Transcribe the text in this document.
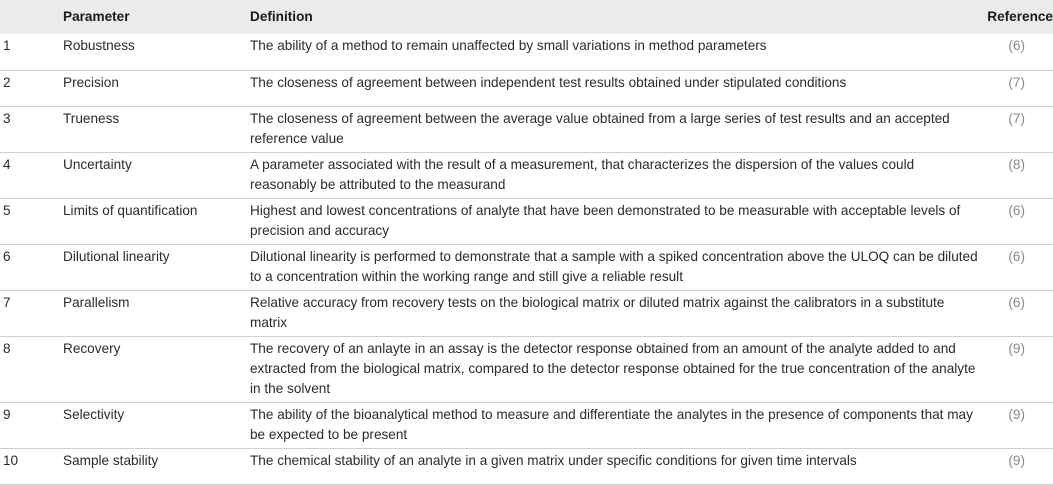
	Parameter	Definition	Reference
1	Robustness	The ability of a method to remain unaffected by small variations in method parameters	(6)
2	Precision	The closeness of agreement between independent test results obtained under stipulated conditions	(7)
3	Trueness	The closeness of agreement between the average value obtained from a large series of test results and an accepted reference value	(7)
4	Uncertainty	A parameter associated with the result of a measurement, that characterizes the dispersion of the values could reasonably be attributed to the measurand	(8)
5	Limits of quantification	Highest and lowest concentrations of analyte that have been demonstrated to be measurable with acceptable levels of precision and accuracy	(6)
6	Dilutional linearity	Dilutional linearity is performed to demonstrate that a sample with a spiked concentration above the ULOQ can be diluted to a concentration within the working range and still give a reliable result	(6)
7	Parallelism	Relative accuracy from recovery tests on the biological matrix or diluted matrix against the calibrators in a substitute matrix	(6)
8	Recovery	The recovery of an anlayte in an assay is the detector response obtained from an amount of the analyte added to and extracted from the biological matrix, compared to the detector response obtained for the true concentration of the analyte in the solvent	(9)
9	Selectivity	The ability of the bioanalytical method to measure and differentiate the analytes in the presence of components that may be expected to be present	(9)
10	Sample stability	The chemical stability of an analyte in a given matrix under specific conditions for given time intervals	(9)
